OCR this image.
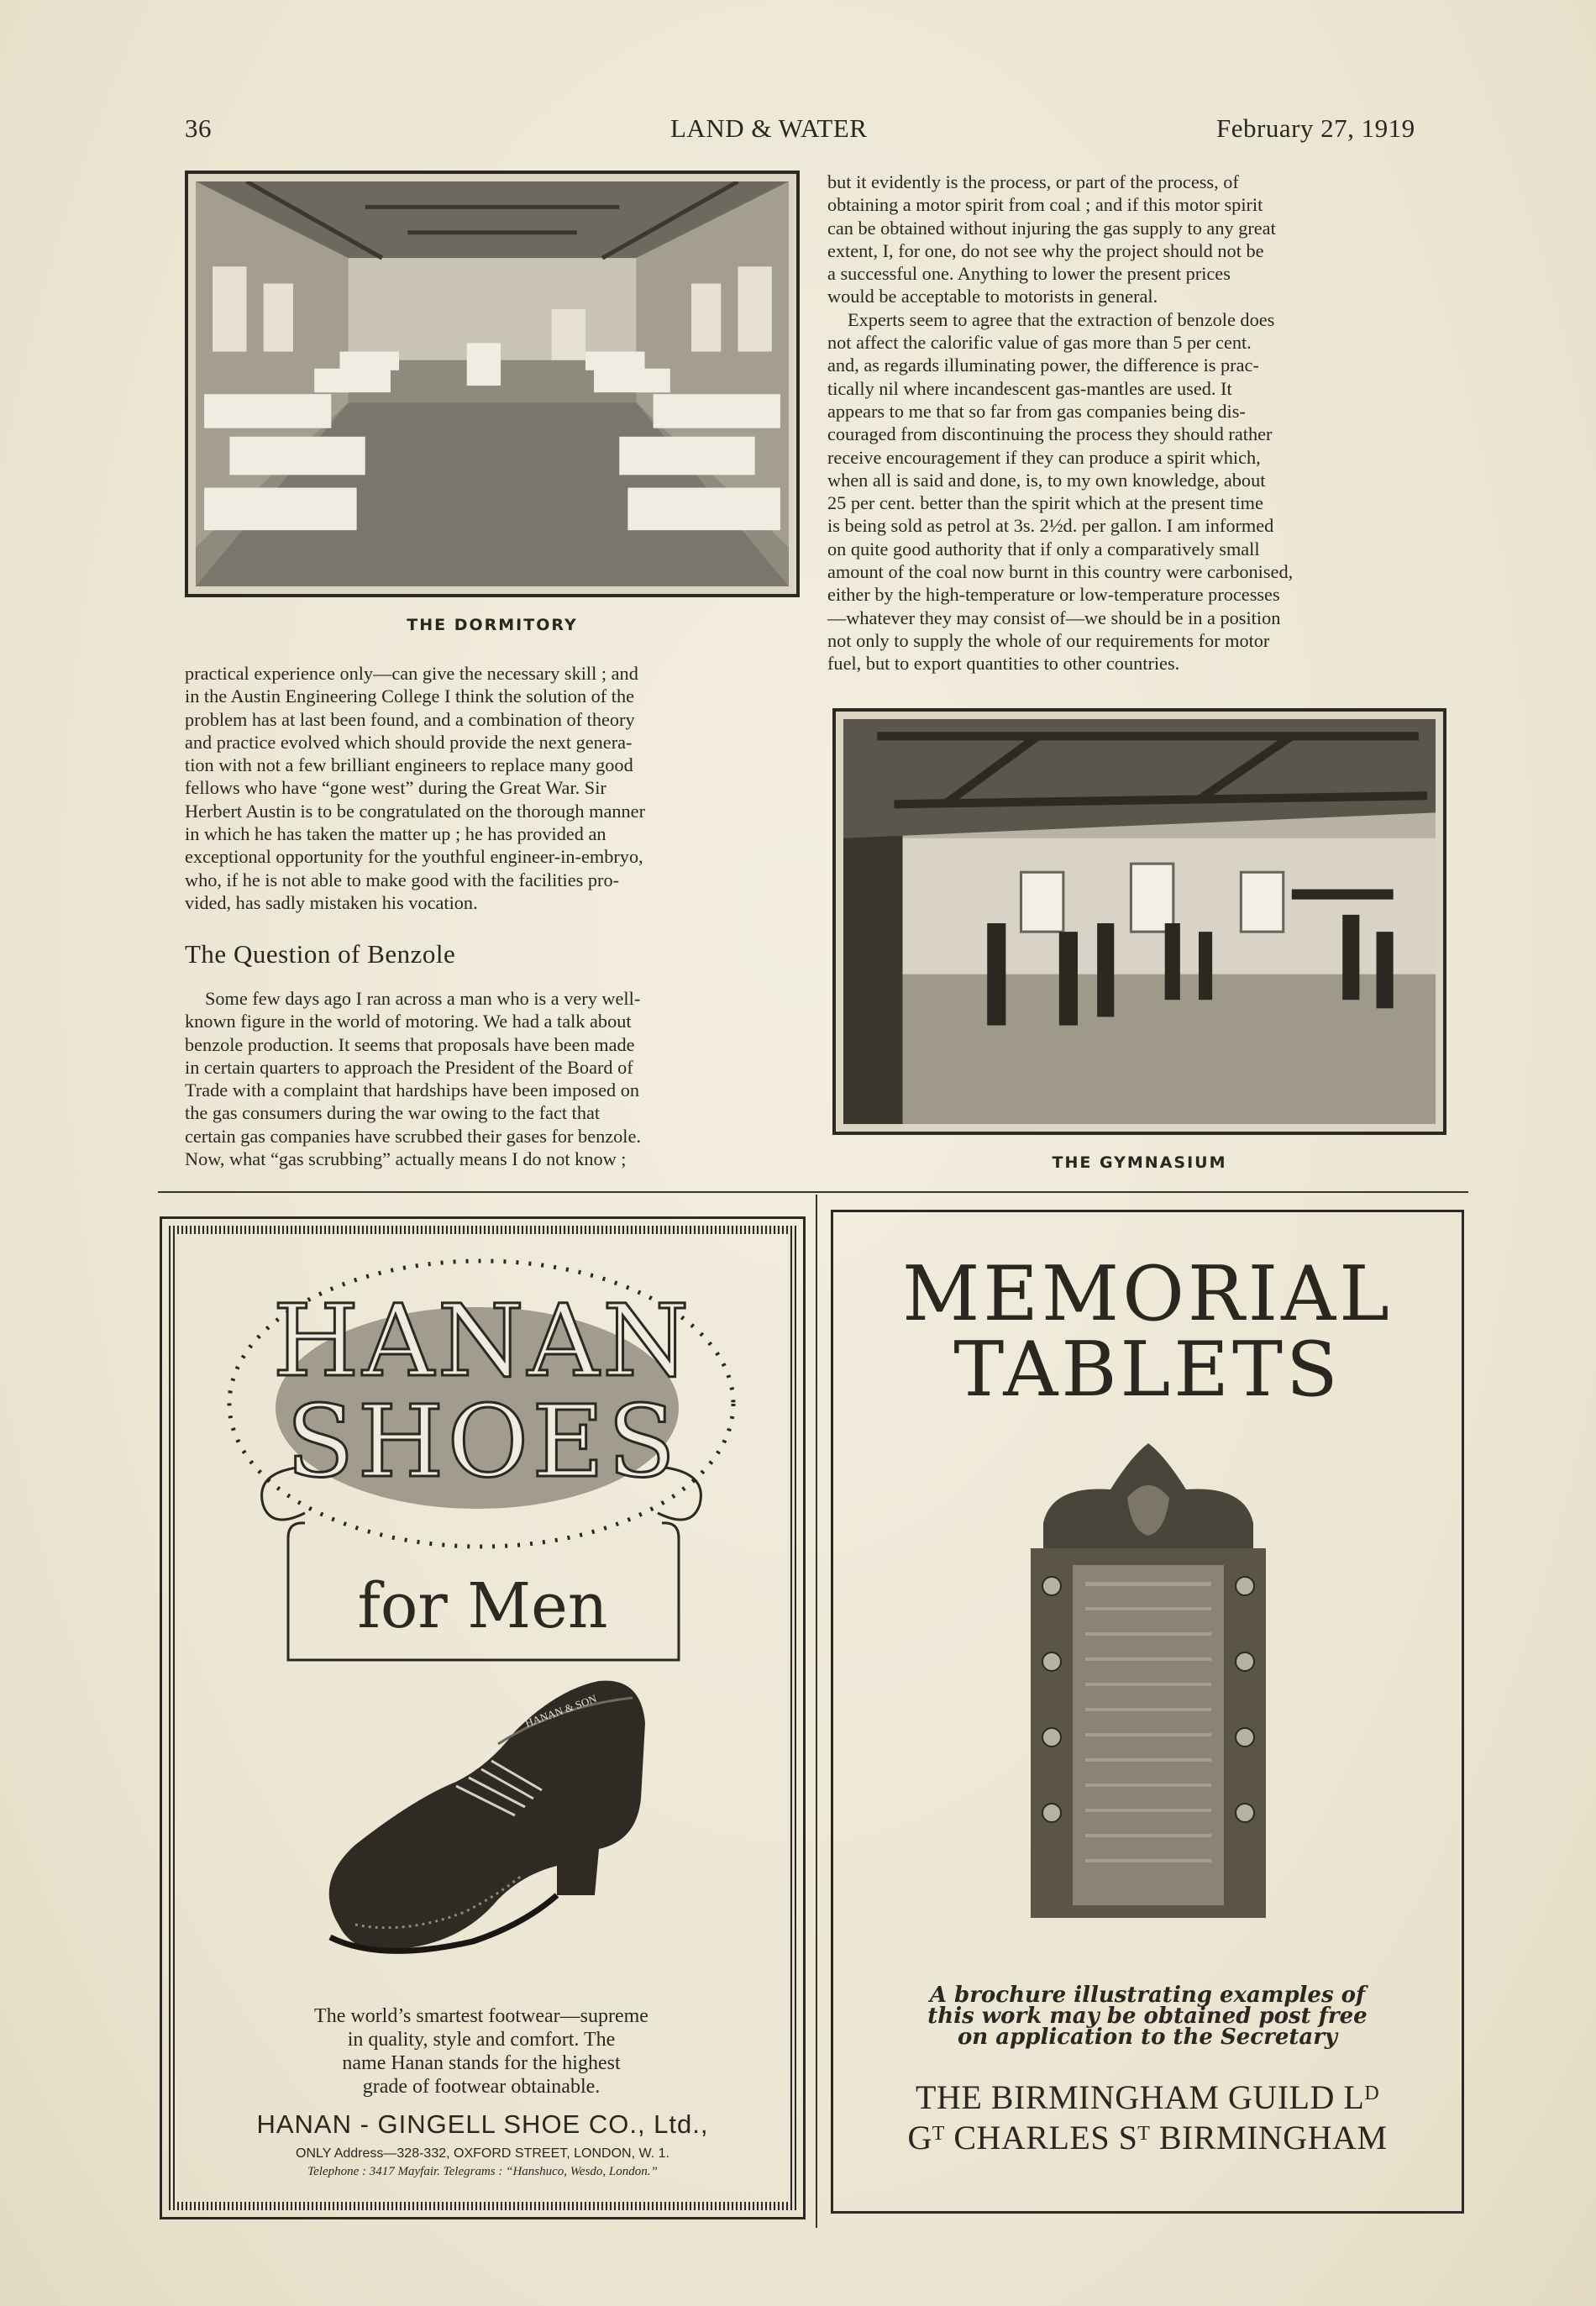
36	LAND & WATER	February 27, 1919
THE DORMITORY

practical experience only—can give the necessary skill ; and

in the Austin Engineering College I think the solution of the

problem has at last been found, and a combination of theory

and practice evolved which should provide the next genera-

tion with not a few brilliant engineers to replace many good

fellows who have “gone west” during the Great War. Sir

Herbert Austin is to be congratulated on the thorough manner

in which he has taken the matter up ; he has provided an

exceptional opportunity for the youthful engineer-in-embryo,

who, if he is not able to make good with the facilities pro-

vided, has sadly mistaken his vocation.

The Question of Benzole

Some few days ago I ran across a man who is a very well-

known figure in the world of motoring. We had a talk about

benzole production. It seems that proposals have been made

in certain quarters to approach the President of the Board of

Trade with a complaint that hardships have been imposed on

the gas consumers during the war owing to the fact that

certain gas companies have scrubbed their gases for benzole.

Now, what “gas scrubbing” actually means I do not know ;

but it evidently is the process, or part of the process, of

obtaining a motor spirit from coal ; and if this motor spirit

can be obtained without injuring the gas supply to any great

extent, I, for one, do not see why the project should not be

a successful one. Anything to lower the present prices

would be acceptable to motorists in general.

Experts seem to agree that the extraction of benzole does

not affect the calorific value of gas more than 5 per cent.

and, as regards illuminating power, the difference is prac-

tically nil where incandescent gas-mantles are used. It

appears to me that so far from gas companies being dis-

couraged from discontinuing the process they should rather

receive encouragement if they can produce a spirit which,

when all is said and done, is, to my own knowledge, about

25 per cent. better than the spirit which at the present time

is being sold as petrol at 3s. 2½d. per gallon. I am informed

on quite good authority that if only a comparatively small

amount of the coal now burnt in this country were carbonised,

either by the high-temperature or low-temperature processes

—whatever they may consist of—we should be in a position

not only to supply the whole of our requirements for motor

fuel, but to export quantities to other countries.

THE GYMNASIUM
HANAN
SHOES
for Men
HANAN & SON
The world’s smartest footwear—supreme
in quality, style and comfort. The
name Hanan stands for the highest
grade of footwear obtainable.
HANAN - GINGELL SHOE CO., Ltd.,
ONLY Address—328-332, OXFORD STREET, LONDON, W. 1.
Telephone : 3417 Mayfair. Telegrams : “Hanshuco, Wesdo, London.”
MEMORIAL
TABLETS
A brochure illustrating examples of
this work may be obtained post free
on application to the Secretary
THE BIRMINGHAM GUILD Lᴰ
Gᵀ CHARLES Sᵀ BIRMINGHAM
